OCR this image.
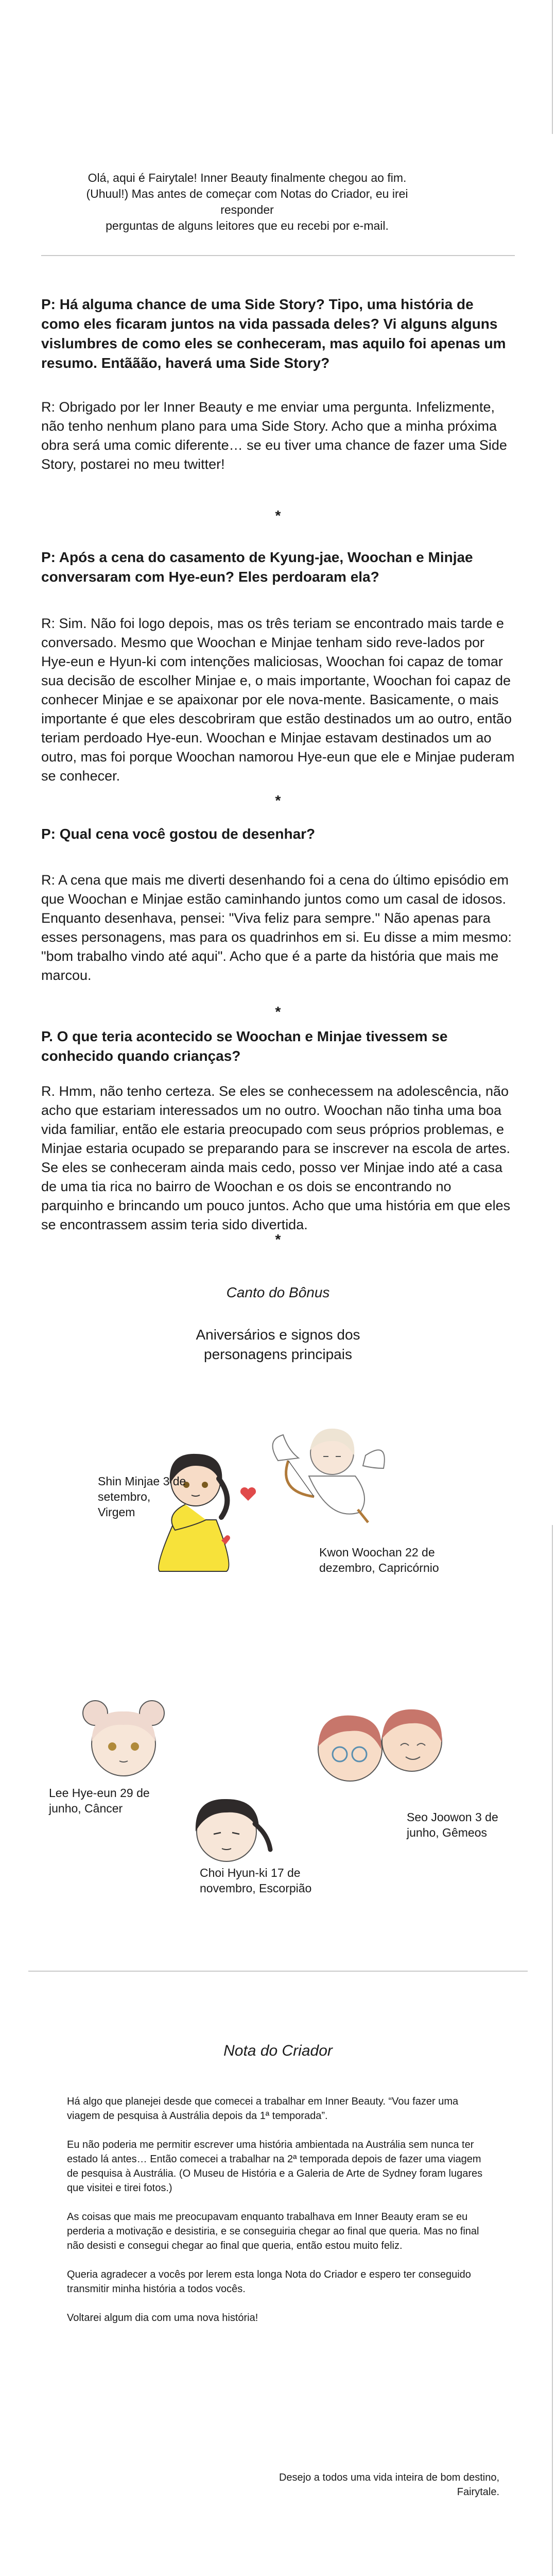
Olá, aqui é Fairytale! Inner Beauty finalmente chegou ao fim.
(Uhuul!) Mas antes de começar com Notas do Criador, eu irei responder
perguntas de alguns leitores que eu recebi por e-mail.
P: Há alguma chance de uma Side Story? Tipo, uma história de como eles ficaram juntos na vida passada deles? Vi alguns alguns vislumbres de como eles se conheceram, mas aquilo foi apenas um resumo. Entããão, haverá uma Side Story?
R: Obrigado por ler Inner Beauty e me enviar uma pergunta. Infelizmente, não tenho nenhum plano para uma Side Story. Acho que a minha próxima obra será uma comic diferente… se eu tiver uma chance de fazer uma Side Story, postarei no meu twitter!
*
P: Após a cena do casamento de Kyung-jae, Woochan e Minjae conversaram com Hye-eun? Eles perdoaram ela?
R: Sim. Não foi logo depois, mas os três teriam se encontrado mais tarde e conversado. Mesmo que Woochan e Minjae tenham sido reve-lados por Hye-eun e Hyun-ki com intenções maliciosas, Woochan foi capaz de tomar sua decisão de escolher Minjae e, o mais importante, Woochan foi capaz de conhecer Minjae e se apaixonar por ele nova-mente. Basicamente, o mais importante é que eles descobriram que estão destinados um ao outro, então teriam perdoado Hye-eun. Woochan e Minjae estavam destinados um ao outro, mas foi porque Woochan namorou Hye-eun que ele e Minjae puderam se conhecer.
*
P: Qual cena você gostou de desenhar?
R: A cena que mais me diverti desenhando foi a cena do último episódio em que Woochan e Minjae estão caminhando juntos como um casal de idosos. Enquanto desenhava, pensei: "Viva feliz para sempre." Não apenas para esses personagens, mas para os quadrinhos em si. Eu disse a mim mesmo: "bom trabalho vindo até aqui". Acho que é a parte da história que mais me marcou.
*
P. O que teria acontecido se Woochan e Minjae tivessem se conhecido quando crianças?
R. Hmm, não tenho certeza. Se eles se conhecessem na adolescência, não acho que estariam interessados um no outro. Woochan não tinha uma boa vida familiar, então ele estaria preocupado com seus próprios problemas, e Minjae estaria ocupado se preparando para se inscrever na escola de artes. Se eles se conheceram ainda mais cedo, posso ver Minjae indo até a casa de uma tia rica no bairro de Woochan e os dois se encontrando no parquinho e brincando um pouco juntos. Acho que uma história em que eles se encontrassem assim teria sido divertida.
*
Canto do Bônus
Aniversários e signos dos personagens principais
Shin Minjae 3 de setembro, Virgem
Kwon Woochan 22 de dezembro, Capricórnio
Lee Hye-eun 29 de junho, Câncer
Seo Joowon 3 de junho, Gêmeos
Choi Hyun-ki 17 de novembro, Escorpião
Nota do Criador

Há algo que planejei desde que comecei a trabalhar em Inner Beauty. “Vou fazer uma viagem de pesquisa à Austrália depois da 1ª temporada”.

Eu não poderia me permitir escrever uma história ambientada na Austrália sem nunca ter estado lá antes… Então comecei a trabalhar na 2ª temporada depois de fazer uma viagem de pesquisa à Austrália. (O Museu de História e a Galeria de Arte de Sydney foram lugares que visitei e tirei fotos.)

As coisas que mais me preocupavam enquanto trabalhava em Inner Beauty eram se eu perderia a motivação e desistiria, e se conseguiria chegar ao final que queria. Mas no final não desisti e consegui chegar ao final que queria, então estou muito feliz.

Queria agradecer a vocês por lerem esta longa Nota do Criador e espero ter conseguido transmitir minha história a todos vocês.

Voltarei algum dia com uma nova história!

Desejo a todos uma vida inteira de bom destino,
Fairytale.
